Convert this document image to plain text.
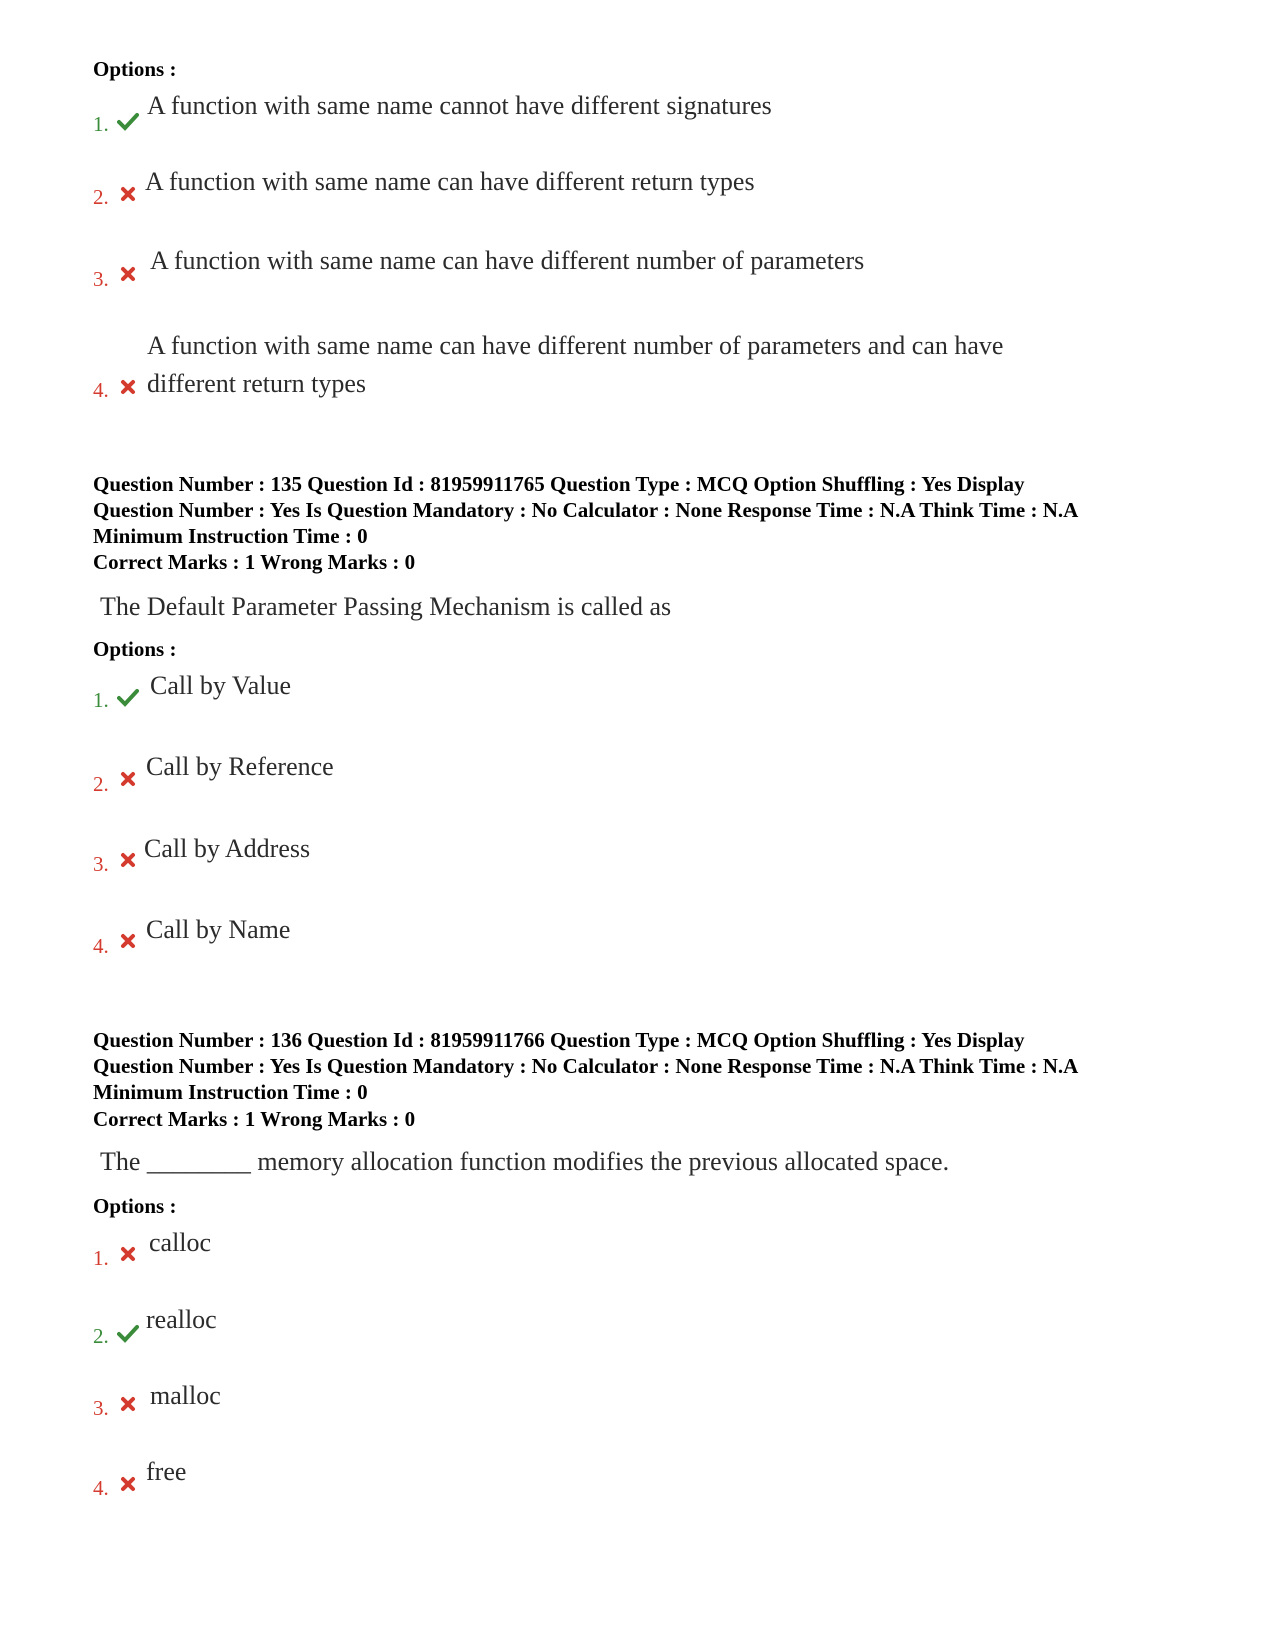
Options :
1.
A function with same name cannot have different signatures
2.
A function with same name can have different return types
3.
A function with same name can have different number of parameters
4.
A function with same name can have different number of parameters and can have
different return types
Question Number : 135 Question Id : 81959911765 Question Type : MCQ Option Shuffling : Yes Display
Question Number : Yes Is Question Mandatory : No Calculator : None Response Time : N.A Think Time : N.A
Minimum Instruction Time : 0
Correct Marks : 1 Wrong Marks : 0
The Default Parameter Passing Mechanism is called as
Options :
1. Call by Value
2.
Call by Reference
3.
Call by Address
4.
Call by Name
Question Number : 136 Question Id : 81959911766 Question Type : MCQ Option Shuffling : Yes Display
Question Number : Yes Is Question Mandatory : No Calculator : None Response Time : N.A Think Time : N.A
Minimum Instruction Time : 0
Correct Marks : 1 Wrong Marks : 0
The ________ memory allocation function modifies the previous allocated space.
Options :
1.
calloc
2.
realloc
3. malloc
4.
free
